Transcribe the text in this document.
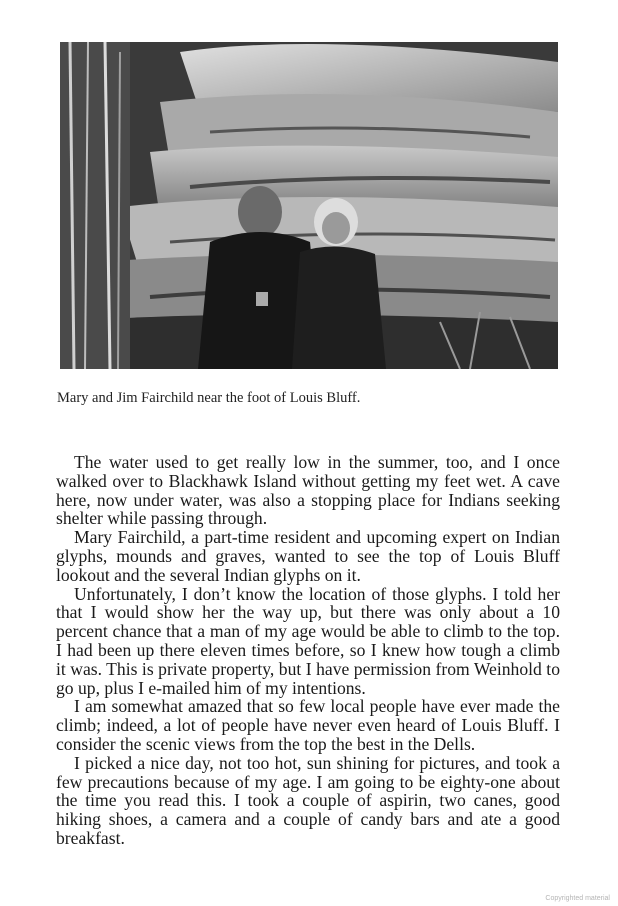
Mary and Jim Fairchild near the foot of Louis Bluff.

The water used to get really low in the summer, too, and I once walked over to Blackhawk Island without getting my feet wet. A cave here, now under water, was also a stopping place for Indians seeking shelter while passing through.

Mary Fairchild, a part-time resident and upcoming expert on Indian glyphs, mounds and graves, wanted to see the top of Louis Bluff lookout and the several Indian glyphs on it.

Unfortunately, I don’t know the location of those glyphs. I told her that I would show her the way up, but there was only about a 10 percent chance that a man of my age would be able to climb to the top. I had been up there eleven times before, so I knew how tough a climb it was. This is private property, but I have permission from Weinhold to go up, plus I e-mailed him of my intentions.

I am somewhat amazed that so few local people have ever made the climb; indeed, a lot of people have never even heard of Louis Bluff. I consider the scenic views from the top the best in the Dells.

I picked a nice day, not too hot, sun shining for pictures, and took a few precautions because of my age. I am going to be eighty-one about the time you read this. I took a couple of aspirin, two canes, good hiking shoes, a camera and a couple of candy bars and ate a good breakfast.

Copyrighted material
